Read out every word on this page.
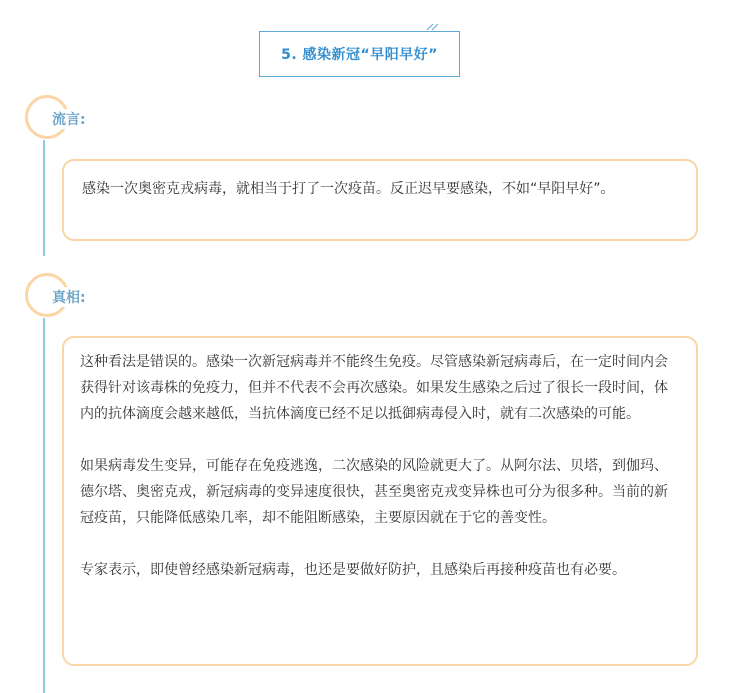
5. 感染新冠“早阳早好”
流言:

感染一次奥密克戎病毒，就相当于打了一次疫苗。反正迟早要感染，不如“早阳早好”。

真相:

这种看法是错误的。感染一次新冠病毒并不能终生免疫。尽管感染新冠病毒后，在一定时间内会获得针对该毒株的免疫力，但并不代表不会再次感染。如果发生感染之后过了很长一段时间，体内的抗体滴度会越来越低，当抗体滴度已经不足以抵御病毒侵入时，就有二次感染的可能。

如果病毒发生变异，可能存在免疫逃逸，二次感染的风险就更大了。从阿尔法、贝塔，到伽玛、德尔塔、奥密克戎，新冠病毒的变异速度很快，甚至奥密克戎变异株也可分为很多种。当前的新冠疫苗，只能降低感染几率，却不能阻断感染，主要原因就在于它的善变性。

专家表示，即使曾经感染新冠病毒，也还是要做好防护，且感染后再接种疫苗也有必要。
